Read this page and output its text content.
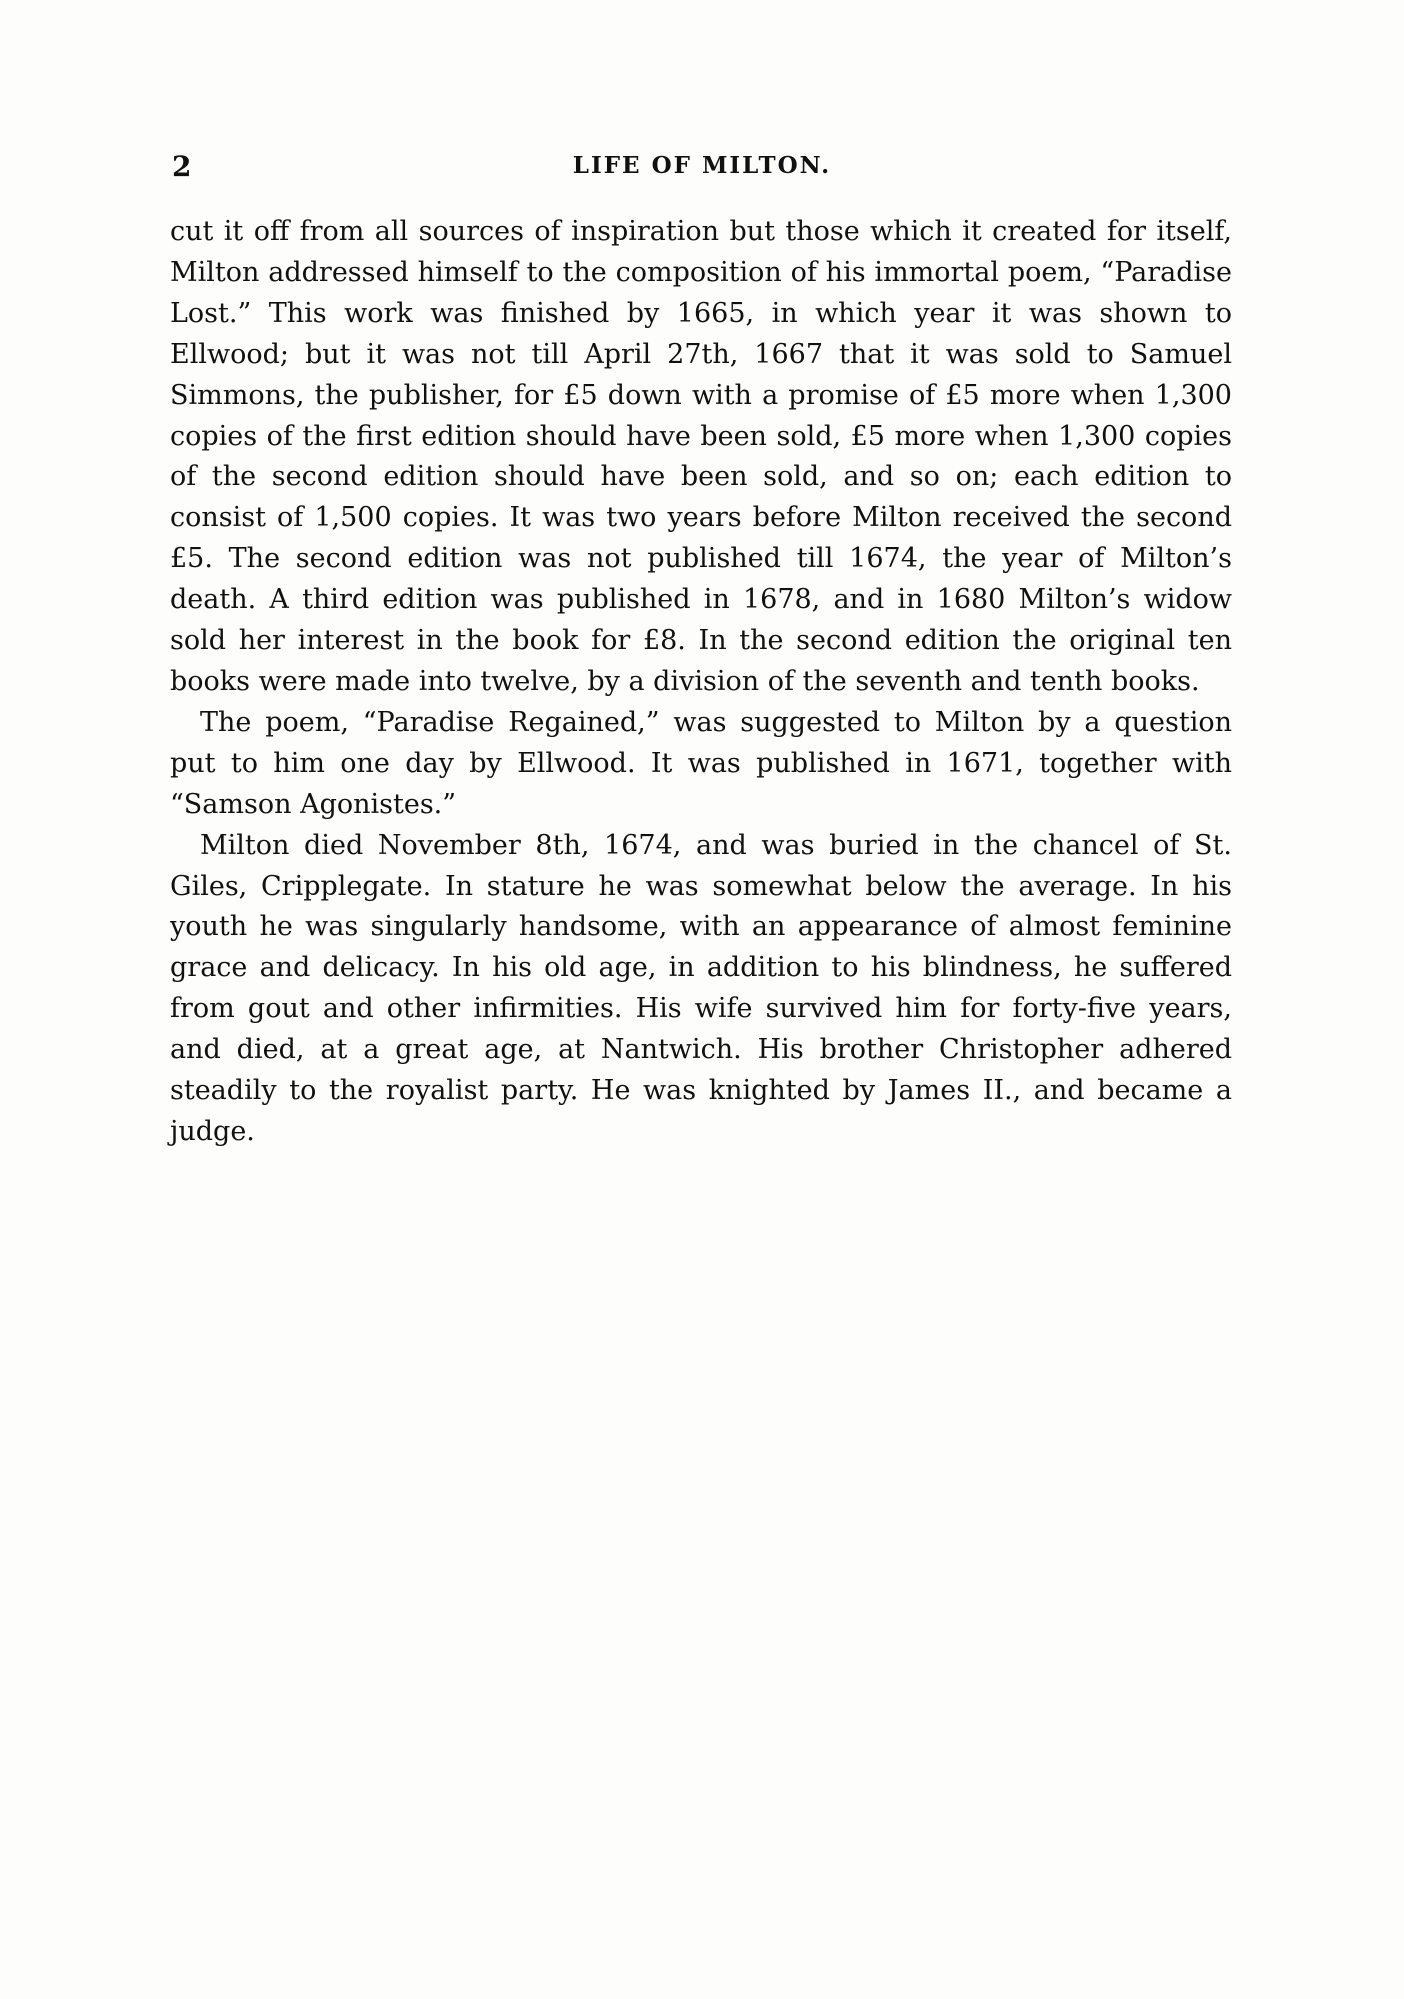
2	LIFE OF MILTON.

cut it off from all sources of inspiration but those which it created for itself, Milton addressed himself to the composition of his immortal poem, “Paradise Lost.” This work was finished by 1665, in which year it was shown to Ellwood; but it was not till April 27th, 1667 that it was sold to Samuel Simmons, the publisher, for £5 down with a promise of £5 more when 1,300 copies of the first edition should have been sold, £5 more when 1,300 copies of the second edition should have been sold, and so on; each edition to consist of 1,500 copies. It was two years before Milton received the second £5. The second edition was not published till 1674, the year of Milton’s death. A third edition was published in 1678, and in 1680 Milton’s widow sold her interest in the book for £8. In the second edition the original ten books were made into twelve, by a division of the seventh and tenth books.

The poem, “Paradise Regained,” was suggested to Milton by a question put to him one day by Ellwood. It was published in 1671, together with “Samson Agonistes.”

Milton died November 8th, 1674, and was buried in the chancel of St. Giles, Cripplegate. In stature he was somewhat below the average. In his youth he was singularly handsome, with an appearance of almost feminine grace and delicacy. In his old age, in addition to his blindness, he suffered from gout and other infirmities. His wife survived him for forty-five years, and died, at a great age, at Nantwich. His brother Christopher adhered steadily to the royalist party. He was knighted by James II., and became a judge.
